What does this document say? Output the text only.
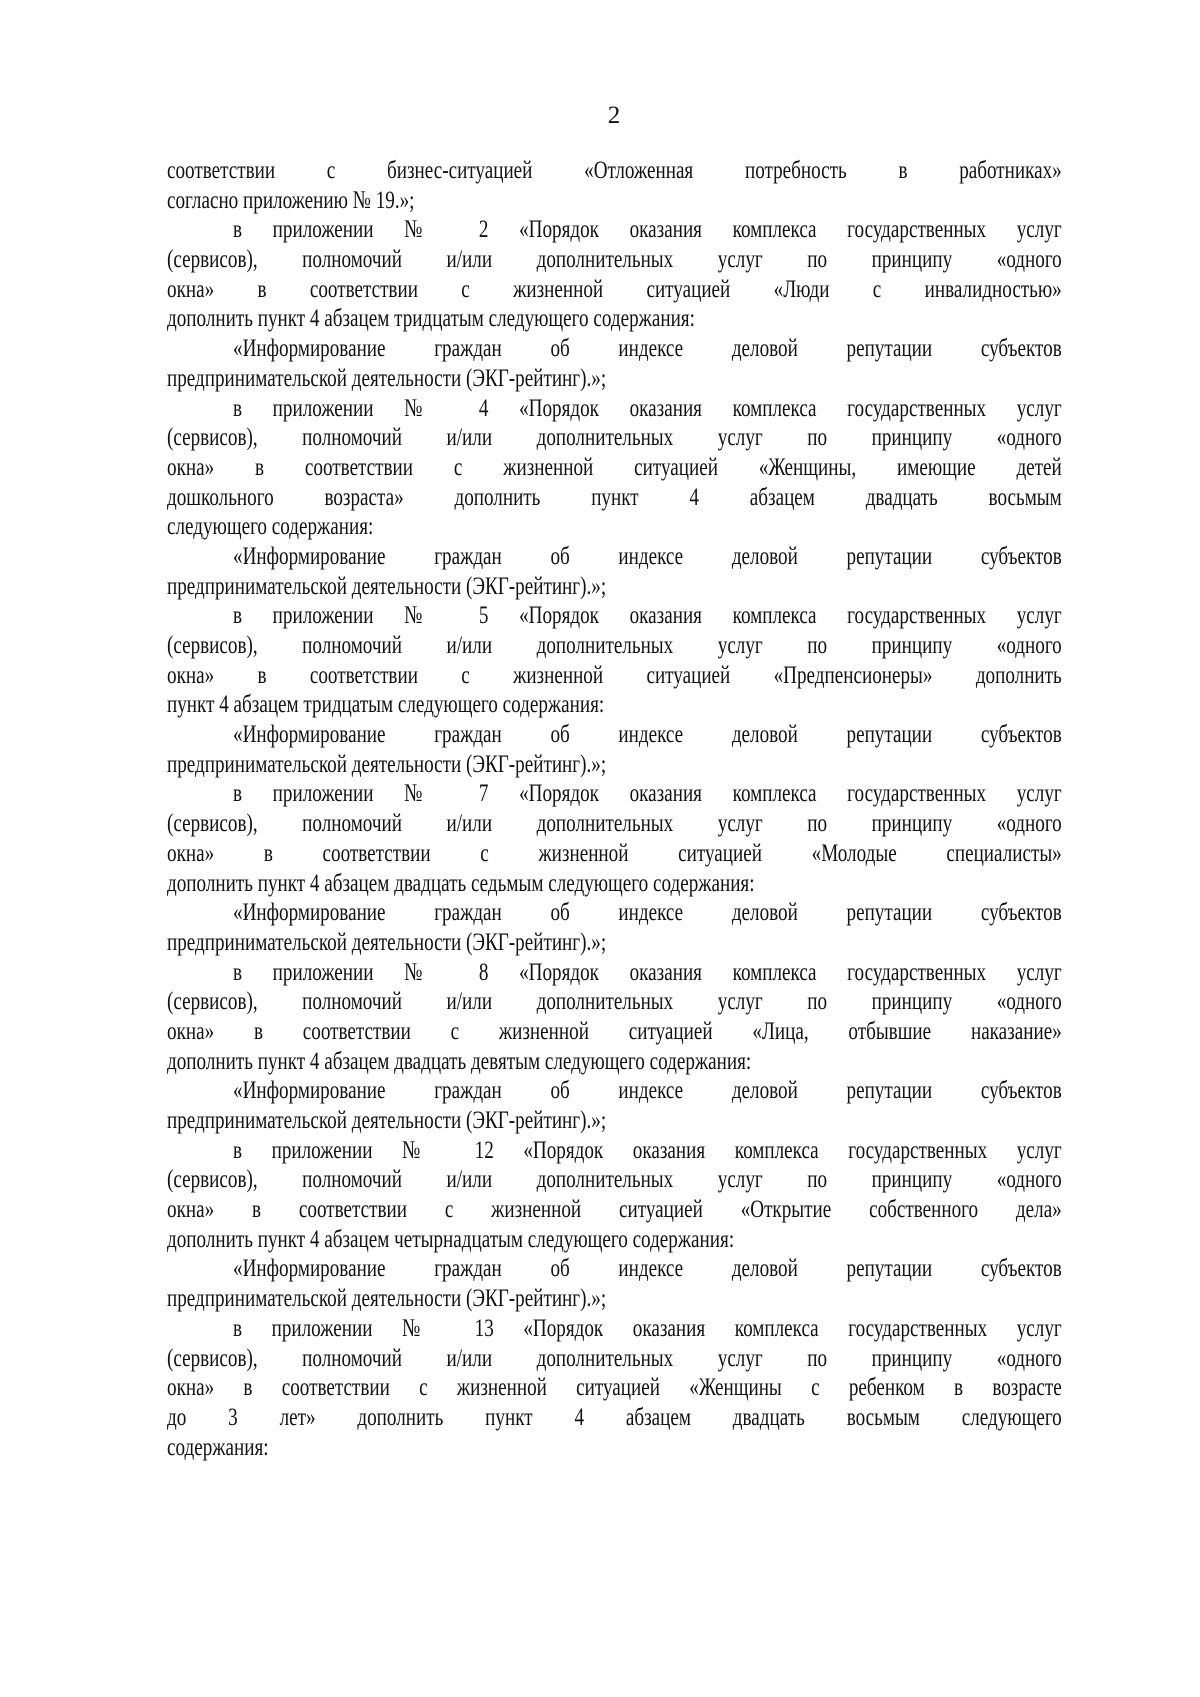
2
соответствии с бизнес-ситуацией «Отложенная потребность в работниках»
согласно приложению № 19.»;
в приложении № 2 «Порядок оказания комплекса государственных услуг
(сервисов), полномочий и/или дополнительных услуг по принципу «одного
окна» в соответствии с жизненной ситуацией «Люди с инвалидностью»
дополнить пункт 4 абзацем тридцатым следующего содержания:
«Информирование граждан об индексе деловой репутации субъектов
предпринимательской деятельности (ЭКГ-рейтинг).»;
в приложении № 4 «Порядок оказания комплекса государственных услуг
(сервисов), полномочий и/или дополнительных услуг по принципу «одного
окна» в соответствии с жизненной ситуацией «Женщины, имеющие детей
дошкольного возраста» дополнить пункт 4 абзацем двадцать восьмым
следующего содержания:
«Информирование граждан об индексе деловой репутации субъектов
предпринимательской деятельности (ЭКГ-рейтинг).»;
в приложении № 5 «Порядок оказания комплекса государственных услуг
(сервисов), полномочий и/или дополнительных услуг по принципу «одного
окна» в соответствии с жизненной ситуацией «Предпенсионеры» дополнить
пункт 4 абзацем тридцатым следующего содержания:
«Информирование граждан об индексе деловой репутации субъектов
предпринимательской деятельности (ЭКГ-рейтинг).»;
в приложении № 7 «Порядок оказания комплекса государственных услуг
(сервисов), полномочий и/или дополнительных услуг по принципу «одного
окна» в соответствии с жизненной ситуацией «Молодые специалисты»
дополнить пункт 4 абзацем двадцать седьмым следующего содержания:
«Информирование граждан об индексе деловой репутации субъектов
предпринимательской деятельности (ЭКГ-рейтинг).»;
в приложении № 8 «Порядок оказания комплекса государственных услуг
(сервисов), полномочий и/или дополнительных услуг по принципу «одного
окна» в соответствии с жизненной ситуацией «Лица, отбывшие наказание»
дополнить пункт 4 абзацем двадцать девятым следующего содержания:
«Информирование граждан об индексе деловой репутации субъектов
предпринимательской деятельности (ЭКГ-рейтинг).»;
в приложении № 12 «Порядок оказания комплекса государственных услуг
(сервисов), полномочий и/или дополнительных услуг по принципу «одного
окна» в соответствии с жизненной ситуацией «Открытие собственного дела»
дополнить пункт 4 абзацем четырнадцатым следующего содержания:
«Информирование граждан об индексе деловой репутации субъектов
предпринимательской деятельности (ЭКГ-рейтинг).»;
в приложении № 13 «Порядок оказания комплекса государственных услуг
(сервисов), полномочий и/или дополнительных услуг по принципу «одного
окна» в соответствии с жизненной ситуацией «Женщины с ребенком в возрасте
до 3 лет» дополнить пункт 4 абзацем двадцать восьмым следующего
содержания:
